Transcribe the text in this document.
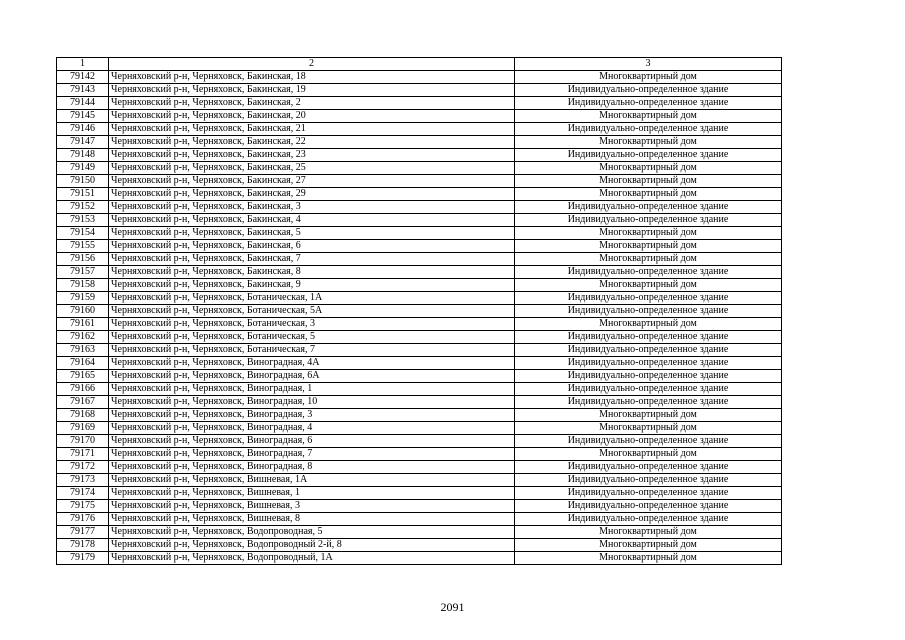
1	2	3
79142	Черняховский р-н, Черняховск, Бакинская, 18	Многоквартирный дом
79143	Черняховский р-н, Черняховск, Бакинская, 19	Индивидуально-определенное здание
79144	Черняховский р-н, Черняховск, Бакинская, 2	Индивидуально-определенное здание
79145	Черняховский р-н, Черняховск, Бакинская, 20	Многоквартирный дом
79146	Черняховский р-н, Черняховск, Бакинская, 21	Индивидуально-определенное здание
79147	Черняховский р-н, Черняховск, Бакинская, 22	Многоквартирный дом
79148	Черняховский р-н, Черняховск, Бакинская, 23	Индивидуально-определенное здание
79149	Черняховский р-н, Черняховск, Бакинская, 25	Многоквартирный дом
79150	Черняховский р-н, Черняховск, Бакинская, 27	Многоквартирный дом
79151	Черняховский р-н, Черняховск, Бакинская, 29	Многоквартирный дом
79152	Черняховский р-н, Черняховск, Бакинская, 3	Индивидуально-определенное здание
79153	Черняховский р-н, Черняховск, Бакинская, 4	Индивидуально-определенное здание
79154	Черняховский р-н, Черняховск, Бакинская, 5	Многоквартирный дом
79155	Черняховский р-н, Черняховск, Бакинская, 6	Многоквартирный дом
79156	Черняховский р-н, Черняховск, Бакинская, 7	Многоквартирный дом
79157	Черняховский р-н, Черняховск, Бакинская, 8	Индивидуально-определенное здание
79158	Черняховский р-н, Черняховск, Бакинская, 9	Многоквартирный дом
79159	Черняховский р-н, Черняховск, Ботаническая, 1А	Индивидуально-определенное здание
79160	Черняховский р-н, Черняховск, Ботаническая, 5А	Индивидуально-определенное здание
79161	Черняховский р-н, Черняховск, Ботаническая, 3	Многоквартирный дом
79162	Черняховский р-н, Черняховск, Ботаническая, 5	Индивидуально-определенное здание
79163	Черняховский р-н, Черняховск, Ботаническая, 7	Индивидуально-определенное здание
79164	Черняховский р-н, Черняховск, Виноградная, 4А	Индивидуально-определенное здание
79165	Черняховский р-н, Черняховск, Виноградная, 6А	Индивидуально-определенное здание
79166	Черняховский р-н, Черняховск, Виноградная, 1	Индивидуально-определенное здание
79167	Черняховский р-н, Черняховск, Виноградная, 10	Индивидуально-определенное здание
79168	Черняховский р-н, Черняховск, Виноградная, 3	Многоквартирный дом
79169	Черняховский р-н, Черняховск, Виноградная, 4	Многоквартирный дом
79170	Черняховский р-н, Черняховск, Виноградная, 6	Индивидуально-определенное здание
79171	Черняховский р-н, Черняховск, Виноградная, 7	Многоквартирный дом
79172	Черняховский р-н, Черняховск, Виноградная, 8	Индивидуально-определенное здание
79173	Черняховский р-н, Черняховск, Вишневая, 1А	Индивидуально-определенное здание
79174	Черняховский р-н, Черняховск, Вишневая, 1	Индивидуально-определенное здание
79175	Черняховский р-н, Черняховск, Вишневая, 3	Индивидуально-определенное здание
79176	Черняховский р-н, Черняховск, Вишневая, 8	Индивидуально-определенное здание
79177	Черняховский р-н, Черняховск, Водопроводная, 5	Многоквартирный дом
79178	Черняховский р-н, Черняховск, Водопроводный 2-й, 8	Многоквартирный дом
79179	Черняховский р-н, Черняховск, Водопроводный, 1А	Многоквартирный дом
2091
